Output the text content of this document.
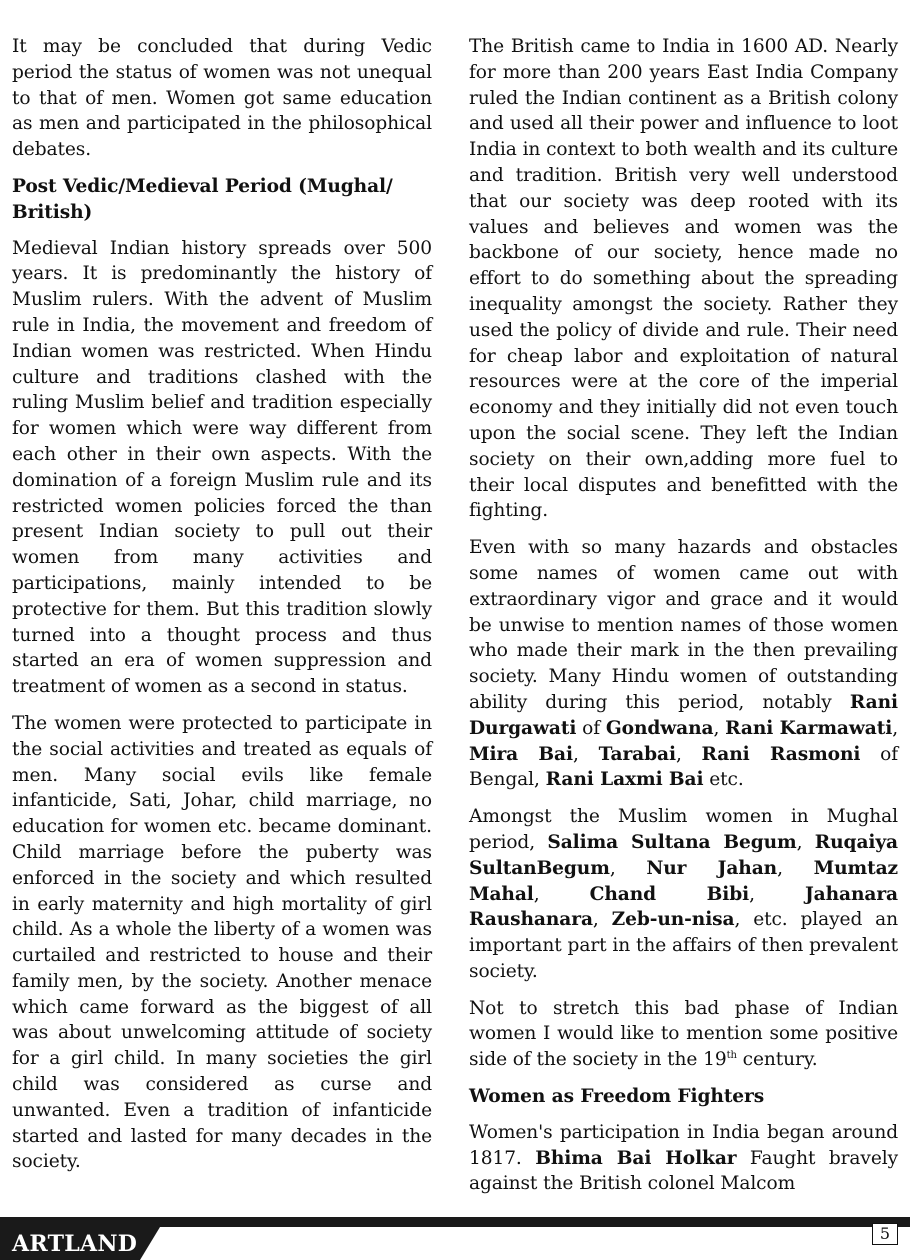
It may be concluded that during Vedic period the status of women was not unequal to that of men. Women got same education as men and participated in the philosophical debates.

Post Vedic/Medieval Period (Mughal/ British)

Medieval Indian history spreads over 500 years. It is predominantly the history of Muslim rulers. With the advent of Muslim rule in India, the movement and freedom of Indian women was restricted. When Hindu culture and traditions clashed with the ruling Muslim belief and tradition especially for women which were way different from each other in their own aspects. With the domination of a foreign Muslim rule and its restricted women policies forced the than present Indian society to pull out their women from many activities and participations, mainly intended to be protective for them. But this tradition slowly turned into a thought process and thus started an era of women suppression and treatment of women as a second in status.

The women were protected to participate in the social activities and treated as equals of men. Many social evils like female infanticide, Sati, Johar, child marriage, no education for women etc. became dominant. Child marriage before the puberty was enforced in the society and which resulted in early maternity and high mortality of girl child. As a whole the liberty of a women was curtailed and restricted to house and their family men, by the society. Another menace which came forward as the biggest of all was about unwelcoming attitude of society for a girl child. In many societies the girl child was considered as curse and unwanted. Even a tradition of infanticide started and lasted for many decades in the society.

The British came to India in 1600 AD. Nearly for more than 200 years East India Company ruled the Indian continent as a British colony and used all their power and influence to loot India in context to both wealth and its culture and tradition. British very well understood that our society was deep rooted with its values and believes and women was the backbone of our society, hence made no effort to do something about the spreading inequality amongst the society. Rather they used the policy of divide and rule. Their need for cheap labor and exploitation of natural resources were at the core of the imperial economy and they initially did not even touch upon the social scene. They left the Indian society on their own,adding more fuel to their local disputes and benefitted with the fighting.

Even with so many hazards and obstacles some names of women came out with extraordinary vigor and grace and it would be unwise to mention names of those women who made their mark in the then prevailing society. Many Hindu women of outstanding ability during this period, notably Rani Durgawati of Gondwana, Rani Karmawati, Mira Bai, Tarabai, Rani Rasmoni of Bengal, Rani Laxmi Bai etc.

Amongst the Muslim women in Mughal period, Salima Sultana Begum, Ruqaiya SultanBegum, Nur Jahan, Mumtaz Mahal, Chand Bibi, Jahanara Raushanara, Zeb-un-nisa, etc. played an important part in the affairs of then prevalent society.

Not to stretch this bad phase of Indian women I would like to mention some positive side of the society in the 19th century.

Women as Freedom Fighters

Women's participation in India began around 1817. Bhima Bai Holkar Faught bravely against the British colonel Malcom

ARTLAND	5
